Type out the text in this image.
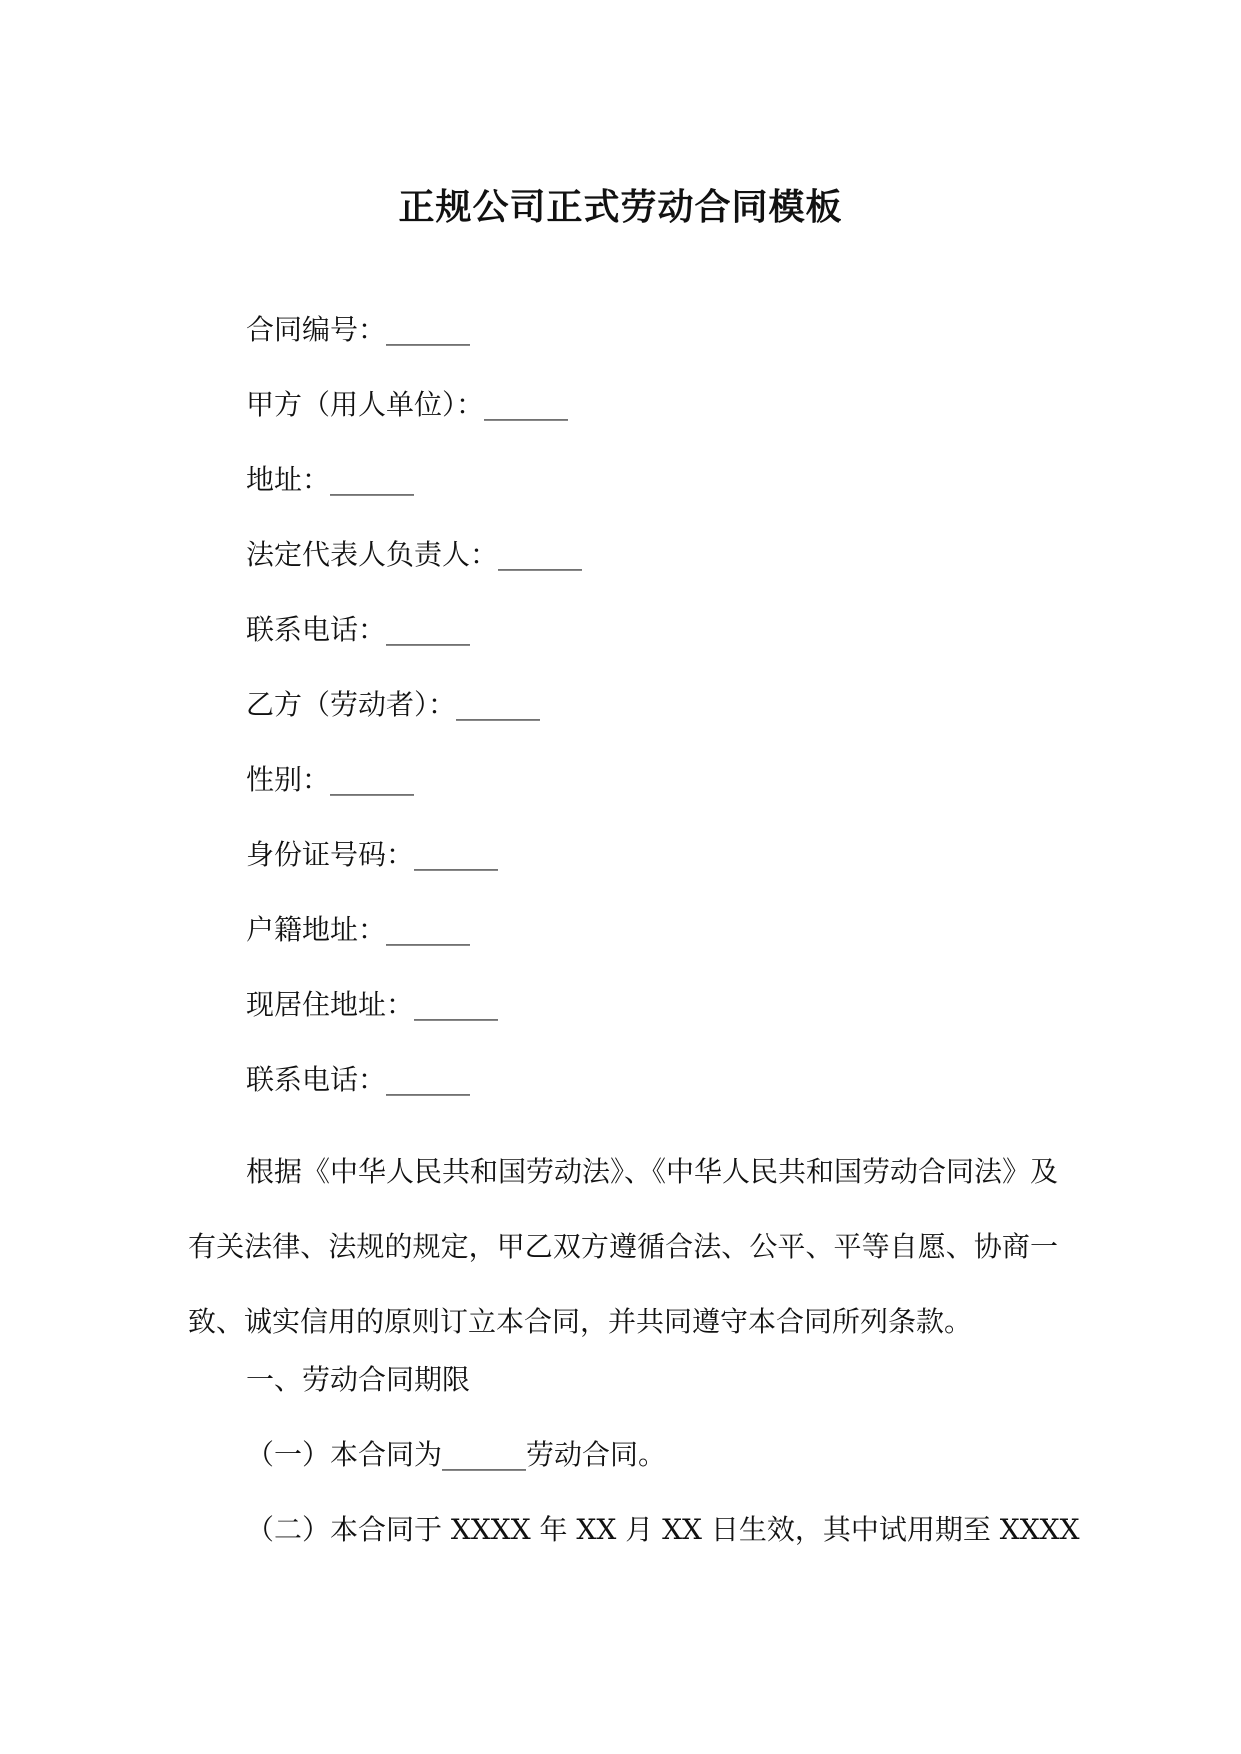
正规公司正式劳动合同模板

合同编号：______

甲方（用人单位）：______

地址：______

法定代表人负责人：______

联系电话：______

乙方（劳动者）：______

性别：______

身份证号码：______

户籍地址：______

现居住地址：______

联系电话：______

根据《中华人民共和国劳动法》、《中华人民共和国劳动合同法》及有关法律、法规的规定，甲乙双方遵循合法、公平、平等自愿、协商一致、诚实信用的原则订立本合同，并共同遵守本合同所列条款。

一、劳动合同期限

（一）本合同为______劳动合同。

（二）本合同于 XXXX 年 XX 月 XX 日生效，其中试用期至 XXXX
